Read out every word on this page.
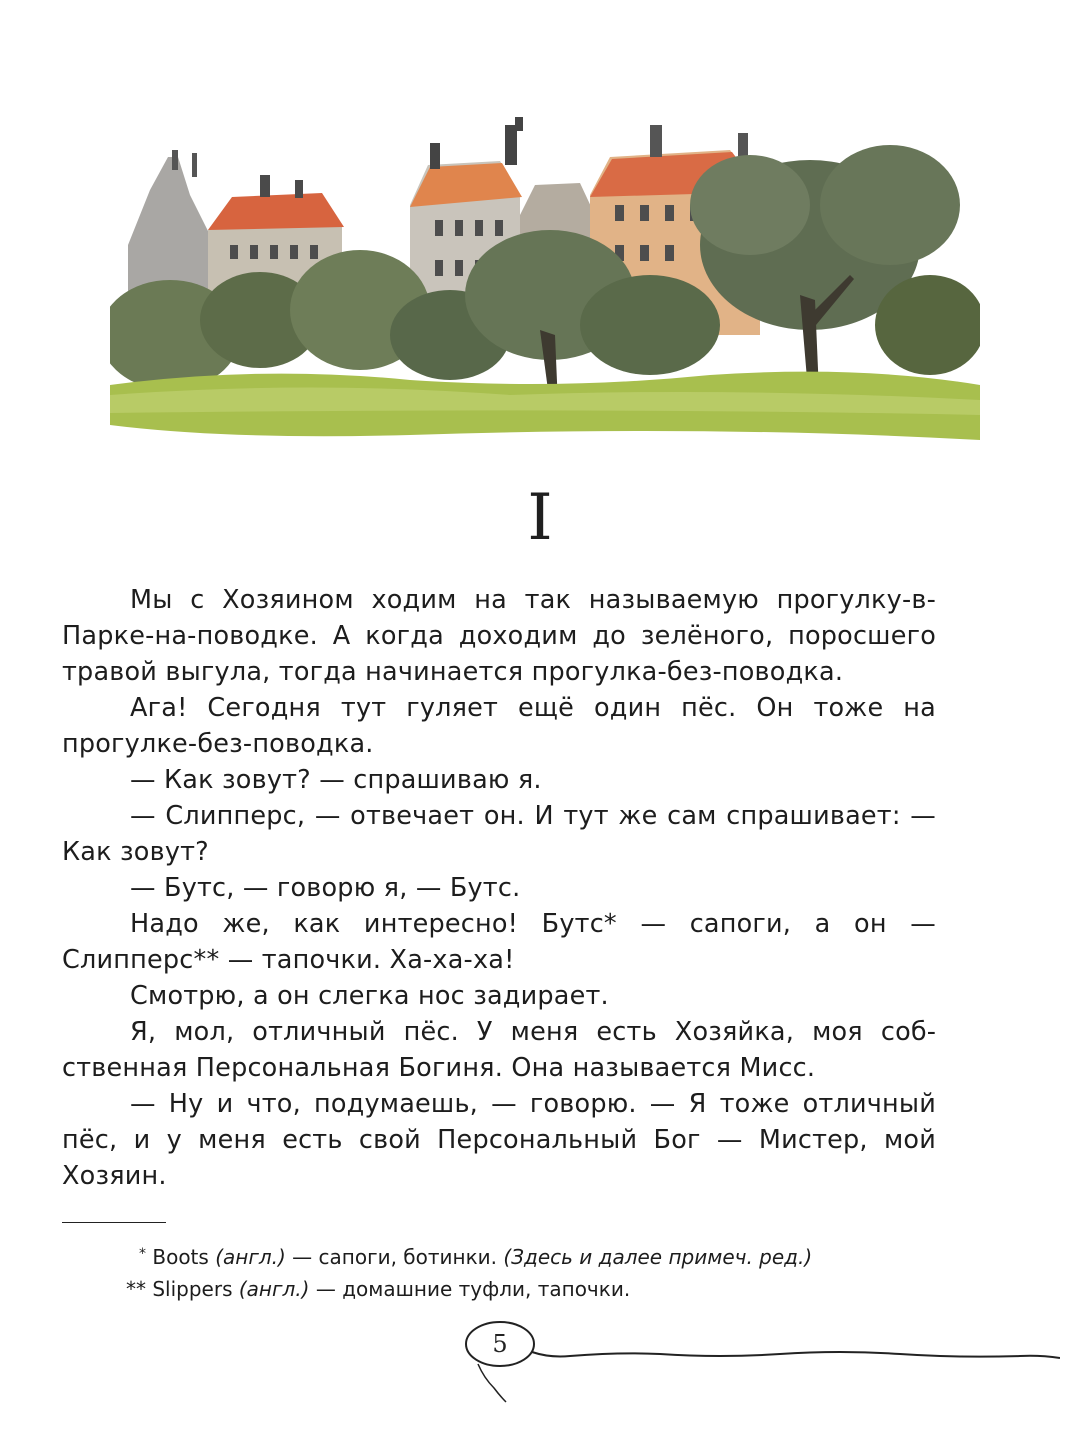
I

Мы с Хозяином ходим на так называемую прогулку-в-Парке-на-поводке. А когда доходим до зелёного, поросшего травой выгула, тогда начинается прогулка-без-поводка.

Ага! Сегодня тут гуляет ещё один пёс. Он тоже на прогулке-без-поводка.

— Как зовут? — спрашиваю я.

— Слипперс, — отвечает он. И тут же сам спрашивает: — Как зовут?

— Бутс, — говорю я, — Бутс.

Надо же, как интересно! Бутс* — сапоги, а он — Слипперс** — тапочки. Ха-ха-ха!

Смотрю, а он слегка нос задирает.

Я, мол, отличный пёс. У меня есть Хозяйка, моя собственная Персональная Богиня. Она называется Мисс.

— Ну и что, подумаешь, — говорю. — Я тоже отличный пёс, и у меня есть свой Персональный Бог — Мистер, мой Хозяин.

* Boots (англ.) — сапоги, ботинки. (Здесь и далее примеч. ред.)
** Slippers (англ.) — домашние туфли, тапочки.
5
